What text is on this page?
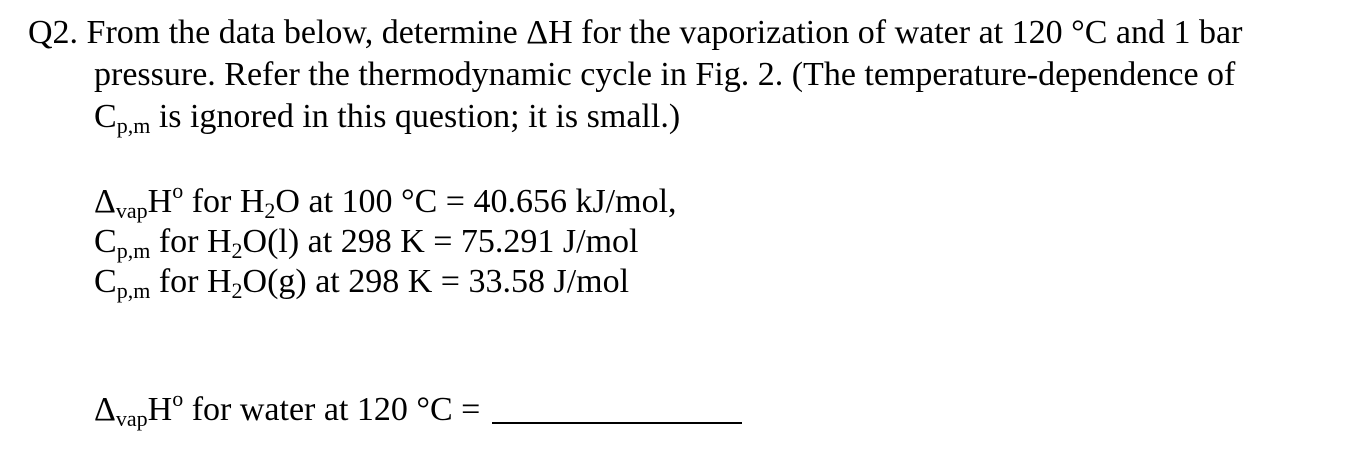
Q2. From the data below, determine ΔH for the vaporization of water at 120 °C and 1 bar
pressure. Refer the thermodynamic cycle in Fig. 2. (The temperature-dependence of
$C_{p,m}$ is ignored in this question; it is small.)
$\Delta_{vap}H^o$ for $H_2O$ at 100 °C = 40.656 kJ/mol,
$C_{p,m}$ for $H_2O(l)$ at 298 K = 75.291 J/mol
$C_{p,m}$ for $H_2O(g)$ at 298 K = 33.58 J/mol
$\Delta_{vap}H^o$ for water at 120 °C =
